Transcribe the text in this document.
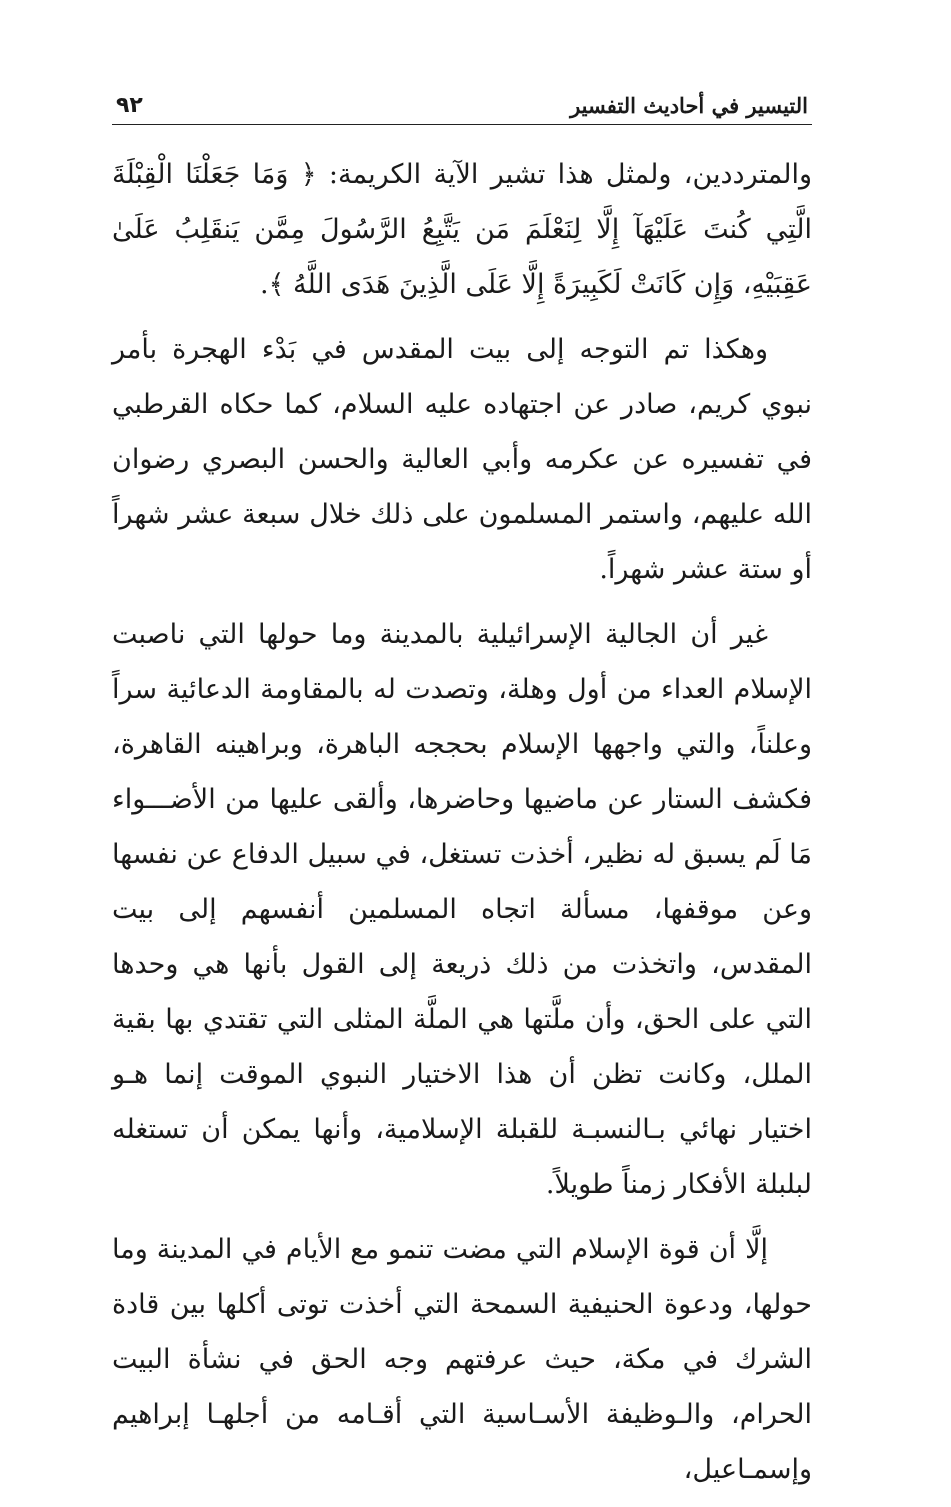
التيسير في أحاديث التفسير
٩٢

والمترددين، ولمثل هذا تشير الآية الكريمة: ﴿ وَمَا جَعَلْنَا الْقِبْلَةَ الَّتِي كُنتَ عَلَيْهَآ إِلَّا لِنَعْلَمَ مَن يَتَّبِعُ الرَّسُولَ مِمَّن يَنقَلِبُ عَلَىٰ عَقِبَيْهِ، وَإِن كَانَتْ لَكَبِيرَةً إِلَّا عَلَى الَّذِينَ هَدَى اللَّهُ ﴾.

وهكذا تم التوجه إلى بيت المقدس في بَدْء الهجرة بأمر نبوي كريم، صادر عن اجتهاده عليه السلام، كما حكاه القرطبي في تفسيره عن عكرمه وأبي العالية والحسن البصري رضوان الله عليهم، واستمر المسلمون على ذلك خلال سبعة عشر شهراً أو ستة عشر شهراً.

غير أن الجالية الإسرائيلية بالمدينة وما حولها التي ناصبت الإسلام العداء من أول وهلة، وتصدت له بالمقاومة الدعائية سراً وعلناً، والتي واجهها الإسلام بحججه الباهرة، وبراهينه القاهرة، فكشف الستار عن ماضيها وحاضرها، وألقى عليها من الأضـــواء مَا لَم يسبق له نظير، أخذت تستغل، في سبيل الدفاع عن نفسها وعن موقفها، مسألة اتجاه المسلمين أنفسهم إلى بيت المقدس، واتخذت من ذلك ذريعة إلى القول بأنها هي وحدها التي على الحق، وأن ملَّتها هي الملَّة المثلى التي تقتدي بها بقية الملل، وكانت تظن أن هذا الاختيار النبوي الموقت إنما هـو اختيار نهائي بـالنسبـة للقبلة الإسلامية، وأنها يمكن أن تستغله لبلبلة الأفكار زمناً طويلاً.

إلَّا أن قوة الإسلام التي مضت تنمو مع الأيام في المدينة وما حولها، ودعوة الحنيفية السمحة التي أخذت توتى أكلها بين قادة الشرك في مكة، حيث عرفتهم وجه الحق في نشأة البيت الحرام، والـوظيفة الأسـاسية التي أقـامه من أجلهـا إبراهيم وإسمـاعيل،
